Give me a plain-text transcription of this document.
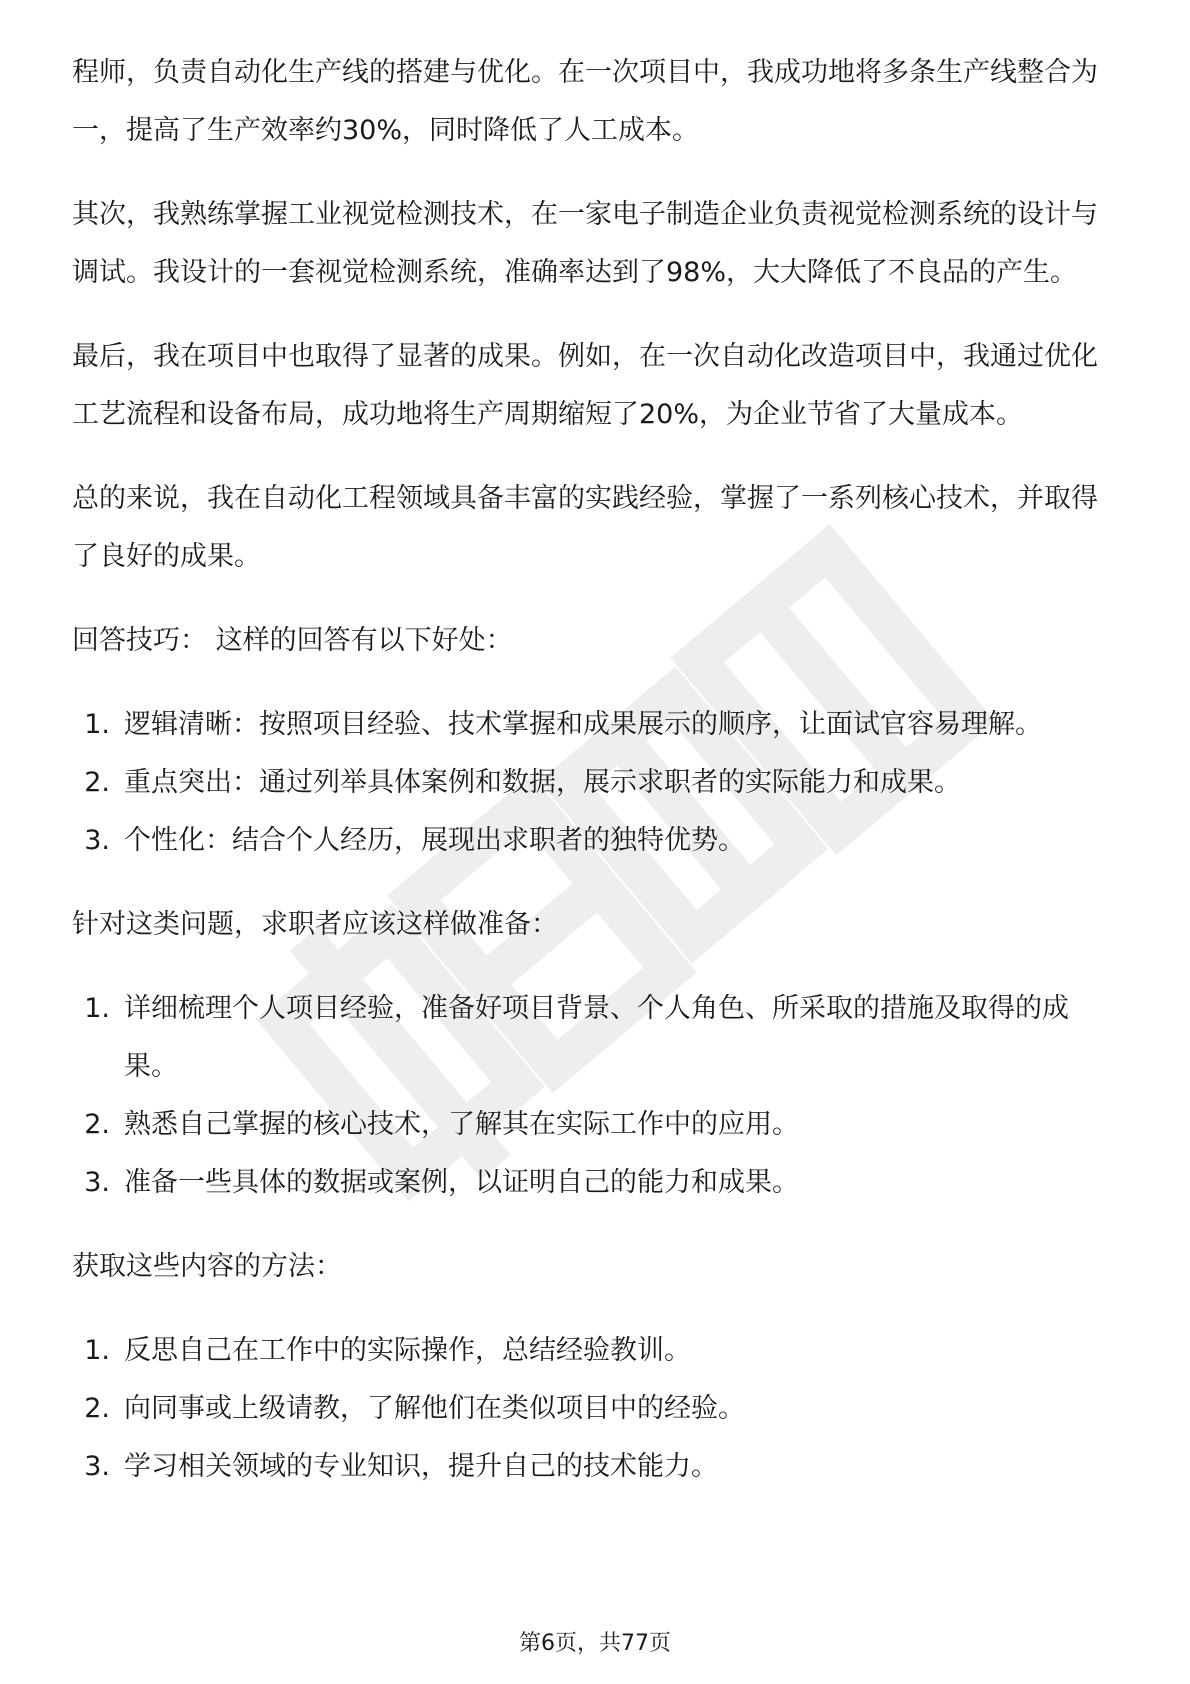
程师，负责自动化生产线的搭建与优化。在一次项目中，我成功地将多条生产线整合为一，提高了生产效率约30%，同时降低了人工成本。

其次，我熟练掌握工业视觉检测技术，在一家电子制造企业负责视觉检测系统的设计与调试。我设计的一套视觉检测系统，准确率达到了98%，大大降低了不良品的产生。

最后，我在项目中也取得了显著的成果。例如，在一次自动化改造项目中，我通过优化工艺流程和设备布局，成功地将生产周期缩短了20%，为企业节省了大量成本。

总的来说，我在自动化工程领域具备丰富的实践经验，掌握了一系列核心技术，并取得了良好的成果。

回答技巧： 这样的回答有以下好处：

1. 逻辑清晰：按照项目经验、技术掌握和成果展示的顺序，让面试官容易理解。
2. 重点突出：通过列举具体案例和数据，展示求职者的实际能力和成果。
3. 个性化：结合个人经历，展现出求职者的独特优势。

针对这类问题，求职者应该这样做准备：

1. 详细梳理个人项目经验，准备好项目背景、个人角色、所采取的措施及取得的成果。
2. 熟悉自己掌握的核心技术，了解其在实际工作中的应用。
3. 准备一些具体的数据或案例，以证明自己的能力和成果。

获取这些内容的方法：

1. 反思自己在工作中的实际操作，总结经验教训。
2. 向同事或上级请教，了解他们在类似项目中的经验。
3. 学习相关领域的专业知识，提升自己的技术能力。
第6页，共77页
